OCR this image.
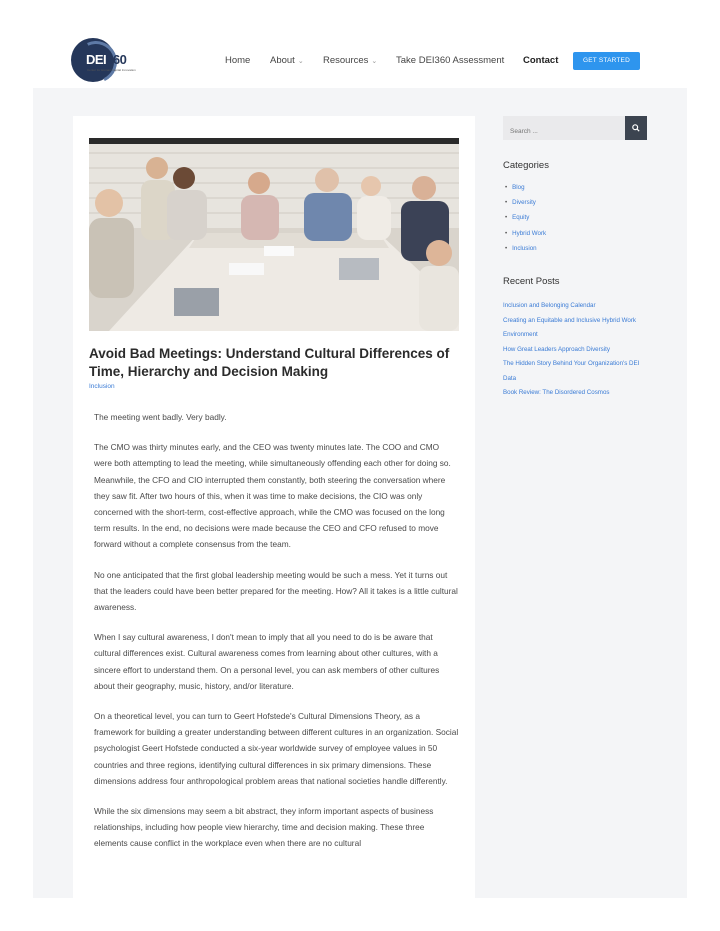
DEI360
Center for Human Capital Innovation
Home About ⌄ Resources ⌄ Take DEI360 Assessment Contact	GET STARTED
Avoid Bad Meetings: Understand Cultural Differences of Time, Hierarchy and Decision Making
Inclusion

The meeting went badly. Very badly.

The CMO was thirty minutes early, and the CEO was twenty minutes late. The COO and CMO were both attempting to lead the meeting, while simultaneously offending each other for doing so. Meanwhile, the CFO and CIO interrupted them constantly, both steering the conversation where they saw fit. After two hours of this, when it was time to make decisions, the CIO was only concerned with the short-term, cost-effective approach, while the CMO was focused on the long term results. In the end, no decisions were made because the CEO and CFO refused to move forward without a complete consensus from the team.

No one anticipated that the first global leadership meeting would be such a mess. Yet it turns out that the leaders could have been better prepared for the meeting. How? All it takes is a little cultural awareness.

When I say cultural awareness, I don't mean to imply that all you need to do is be aware that cultural differences exist. Cultural awareness comes from learning about other cultures, with a sincere effort to understand them. On a personal level, you can ask members of other cultures about their geography, music, history, and/or literature.

On a theoretical level, you can turn to Geert Hofstede's Cultural Dimensions Theory, as a framework for building a greater understanding between different cultures in an organization. Social psychologist Geert Hofstede conducted a six-year worldwide survey of employee values in 50 countries and three regions, identifying cultural differences in six primary dimensions. These dimensions address four anthropological problem areas that national societies handle differently.

While the six dimensions may seem a bit abstract, they inform important aspects of business relationships, including how people view hierarchy, time and decision making. These three elements cause conflict in the workplace even when there are no cultural

Search ...
Categories
• Blog
• Diversity
• Equity
• Hybrid Work
• Inclusion
Recent Posts
Inclusion and Belonging Calendar
Creating an Equitable and Inclusive Hybrid Work Environment
How Great Leaders Approach Diversity
The Hidden Story Behind Your Organization's DEI Data
Book Review: The Disordered Cosmos
